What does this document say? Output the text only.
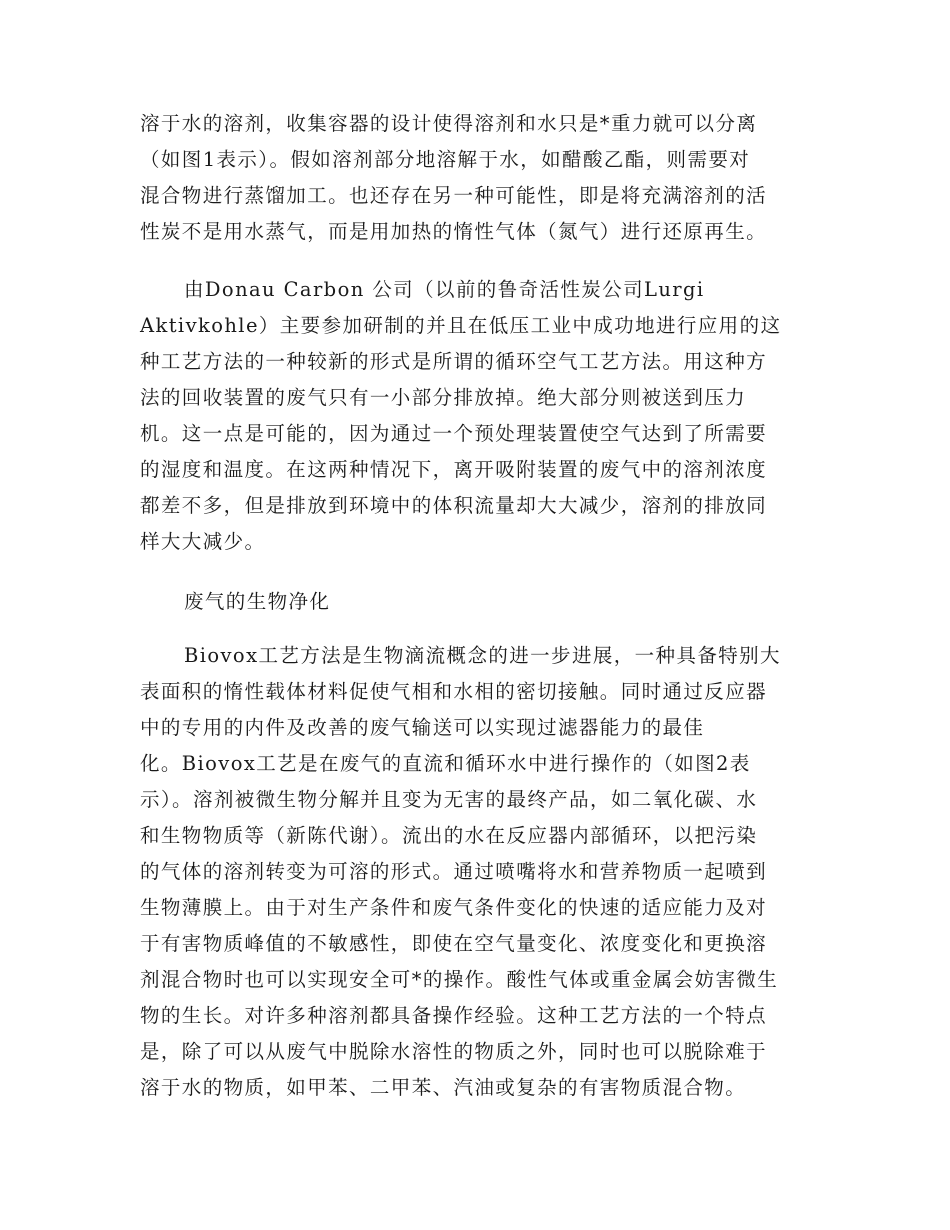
溶于水的溶剂，收集容器的设计使得溶剂和水只是*重力就可以分离
（如图1表示）。假如溶剂部分地溶解于水，如醋酸乙酯，则需要对
混合物进行蒸馏加工。也还存在另一种可能性，即是将充满溶剂的活
性炭不是用水蒸气，而是用加热的惰性气体（氮气）进行还原再生。
由Donau Carbon 公司（以前的鲁奇活性炭公司Lurgi
Aktivkohle）主要参加研制的并且在低压工业中成功地进行应用的这
种工艺方法的一种较新的形式是所谓的循环空气工艺方法。用这种方
法的回收装置的废气只有一小部分排放掉。绝大部分则被送到压力
机。这一点是可能的，因为通过一个预处理装置使空气达到了所需要
的湿度和温度。在这两种情况下，离开吸附装置的废气中的溶剂浓度
都差不多，但是排放到环境中的体积流量却大大减少，溶剂的排放同
样大大减少。
废气的生物净化
Biovox工艺方法是生物滴流概念的进一步进展，一种具备特别大
表面积的惰性载体材料促使气相和水相的密切接触。同时通过反应器
中的专用的内件及改善的废气输送可以实现过滤器能力的最佳
化。Biovox工艺是在废气的直流和循环水中进行操作的（如图2表
示）。溶剂被微生物分解并且变为无害的最终产品，如二氧化碳、水
和生物物质等（新陈代谢）。流出的水在反应器内部循环，以把污染
的气体的溶剂转变为可溶的形式。通过喷嘴将水和营养物质一起喷到
生物薄膜上。由于对生产条件和废气条件变化的快速的适应能力及对
于有害物质峰值的不敏感性，即使在空气量变化、浓度变化和更换溶
剂混合物时也可以实现安全可*的操作。酸性气体或重金属会妨害微生
物的生长。对许多种溶剂都具备操作经验。这种工艺方法的一个特点
是，除了可以从废气中脱除水溶性的物质之外，同时也可以脱除难于
溶于水的物质，如甲苯、二甲苯、汽油或复杂的有害物质混合物。
